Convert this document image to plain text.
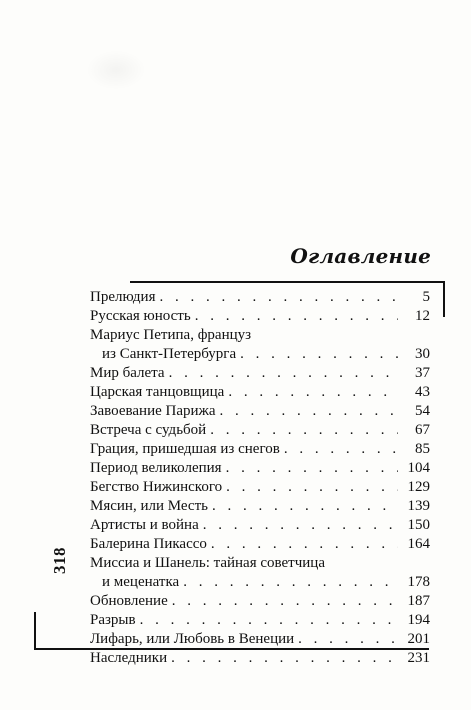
Оглавление
Прелюдия . . .	5
Русская юность . . .	12
Мариус Петипа, француз
из Санкт-Петербурга . . .	30
Мир балета . . .	37
Царская танцовщица . . .	43
Завоевание Парижа . . .	54
Встреча с судьбой . . .	67
Грация, пришедшая из снегов . . .	85
Период великолепия . . .	104
Бегство Нижинского . . .	129
Мясин, или Месть . . .	139
Артисты и война . . .	150
Балерина Пикассо . . .	164
Миссиа и Шанель: тайная советчица
и меценатка . . .	178
Обновление . . .	187
Разрыв . . .	194
Лифарь, или Любовь в Венеции . . .	201
Наследники . . .	231
318
